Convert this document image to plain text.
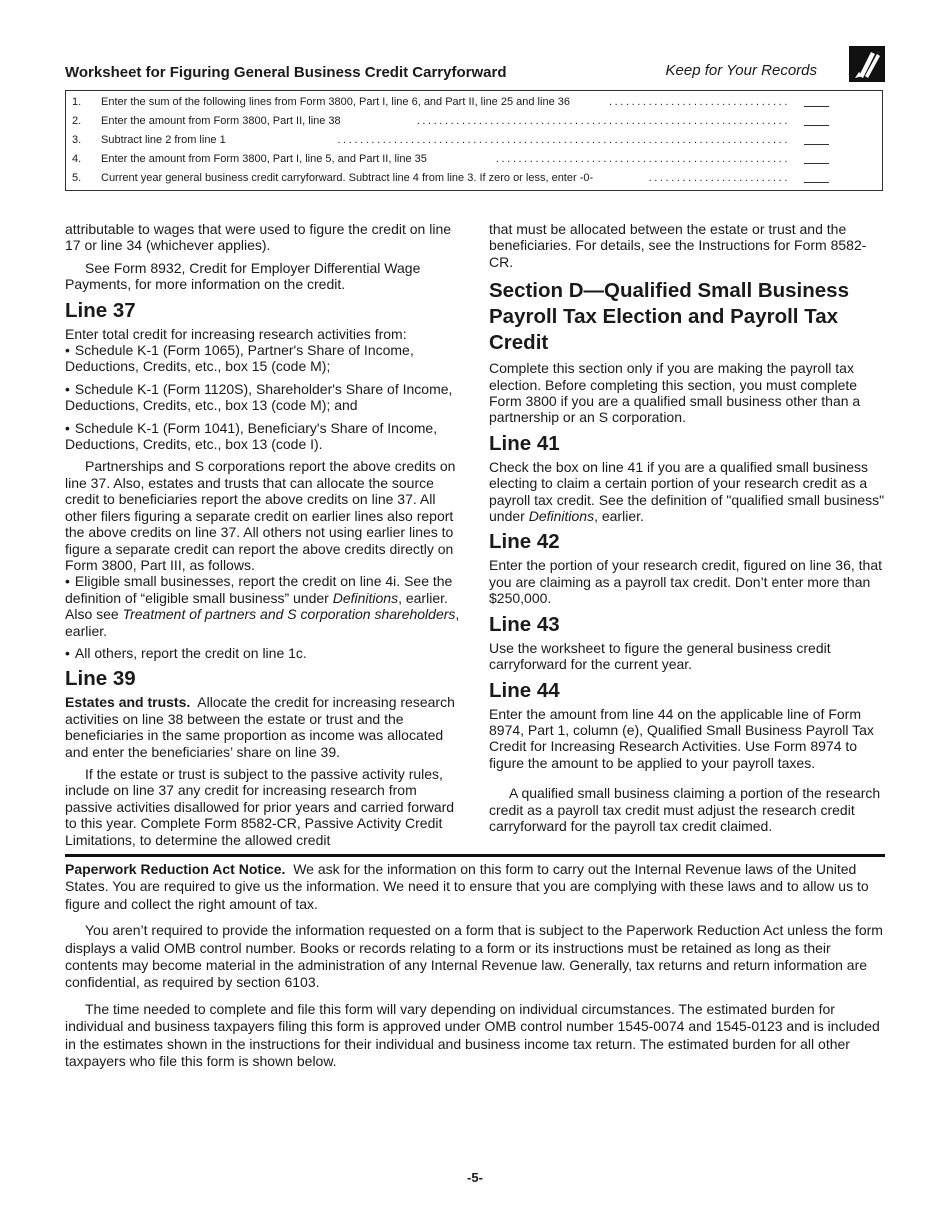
Worksheet for Figuring General Business Credit Carryforward	Keep for Your Records
1. Enter the sum of the following lines from Form 3800, Part I, line 6, and Part II, line 25 and line 36	................................
2. Enter the amount from Form 3800, Part II, line 38	..................................................................
3. Subtract line 2 from line 1	................................................................................
4. Enter the amount from Form 3800, Part I, line 5, and Part II, line 35	....................................................
5. Current year general business credit carryforward. Subtract line 4 from line 3. If zero or less, enter -0-	.........................

attributable to wages that were used to figure the credit on line 17 or line 34 (whichever applies).

See Form 8932, Credit for Employer Differential Wage Payments, for more information on the credit.

Line 37

Enter total credit for increasing research activities from:

• Schedule K-1 (Form 1065), Partner's Share of Income, Deductions, Credits, etc., box 15 (code M);

• Schedule K-1 (Form 1120S), Shareholder's Share of Income, Deductions, Credits, etc., box 13 (code M); and

• Schedule K-1 (Form 1041), Beneficiary's Share of Income, Deductions, Credits, etc., box 13 (code I).

Partnerships and S corporations report the above credits on line 37. Also, estates and trusts that can allocate the source credit to beneficiaries report the above credits on line 37. All other filers figuring a separate credit on earlier lines also report the above credits on line 37. All others not using earlier lines to figure a separate credit can report the above credits directly on Form 3800, Part III, as follows.

• Eligible small businesses, report the credit on line 4i. See the definition of “eligible small business” under Definitions, earlier. Also see Treatment of partners and S corporation shareholders, earlier.

• All others, report the credit on line 1c.

Line 39

Estates and trusts. Allocate the credit for increasing research activities on line 38 between the estate or trust and the beneficiaries in the same proportion as income was allocated and enter the beneficiaries’ share on line 39.

If the estate or trust is subject to the passive activity rules, include on line 37 any credit for increasing research from passive activities disallowed for prior years and carried forward to this year. Complete Form 8582-CR, Passive Activity Credit Limitations, to determine the allowed credit

that must be allocated between the estate or trust and the beneficiaries. For details, see the Instructions for Form 8582-CR.

Section D—Qualified Small Business Payroll Tax Election and Payroll Tax Credit

Complete this section only if you are making the payroll tax election. Before completing this section, you must complete Form 3800 if you are a qualified small business other than a partnership or an S corporation.

Line 41

Check the box on line 41 if you are a qualified small business electing to claim a certain portion of your research credit as a payroll tax credit. See the definition of "qualified small business" under Definitions, earlier.

Line 42

Enter the portion of your research credit, figured on line 36, that you are claiming as a payroll tax credit. Don’t enter more than $250,000.

Line 43

Use the worksheet to figure the general business credit carryforward for the current year.

Line 44

Enter the amount from line 44 on the applicable line of Form 8974, Part 1, column (e), Qualified Small Business Payroll Tax Credit for Increasing Research Activities. Use Form 8974 to figure the amount to be applied to your payroll taxes.

A qualified small business claiming a portion of the research credit as a payroll tax credit must adjust the research credit carryforward for the payroll tax credit claimed.

Paperwork Reduction Act Notice. We ask for the information on this form to carry out the Internal Revenue laws of the United States. You are required to give us the information. We need it to ensure that you are complying with these laws and to allow us to figure and collect the right amount of tax.

You aren’t required to provide the information requested on a form that is subject to the Paperwork Reduction Act unless the form displays a valid OMB control number. Books or records relating to a form or its instructions must be retained as long as their contents may become material in the administration of any Internal Revenue law. Generally, tax returns and return information are confidential, as required by section 6103.

The time needed to complete and file this form will vary depending on individual circumstances. The estimated burden for individual and business taxpayers filing this form is approved under OMB control number 1545-0074 and 1545-0123 and is included in the estimates shown in the instructions for their individual and business income tax return. The estimated burden for all other taxpayers who file this form is shown below.

-5-
